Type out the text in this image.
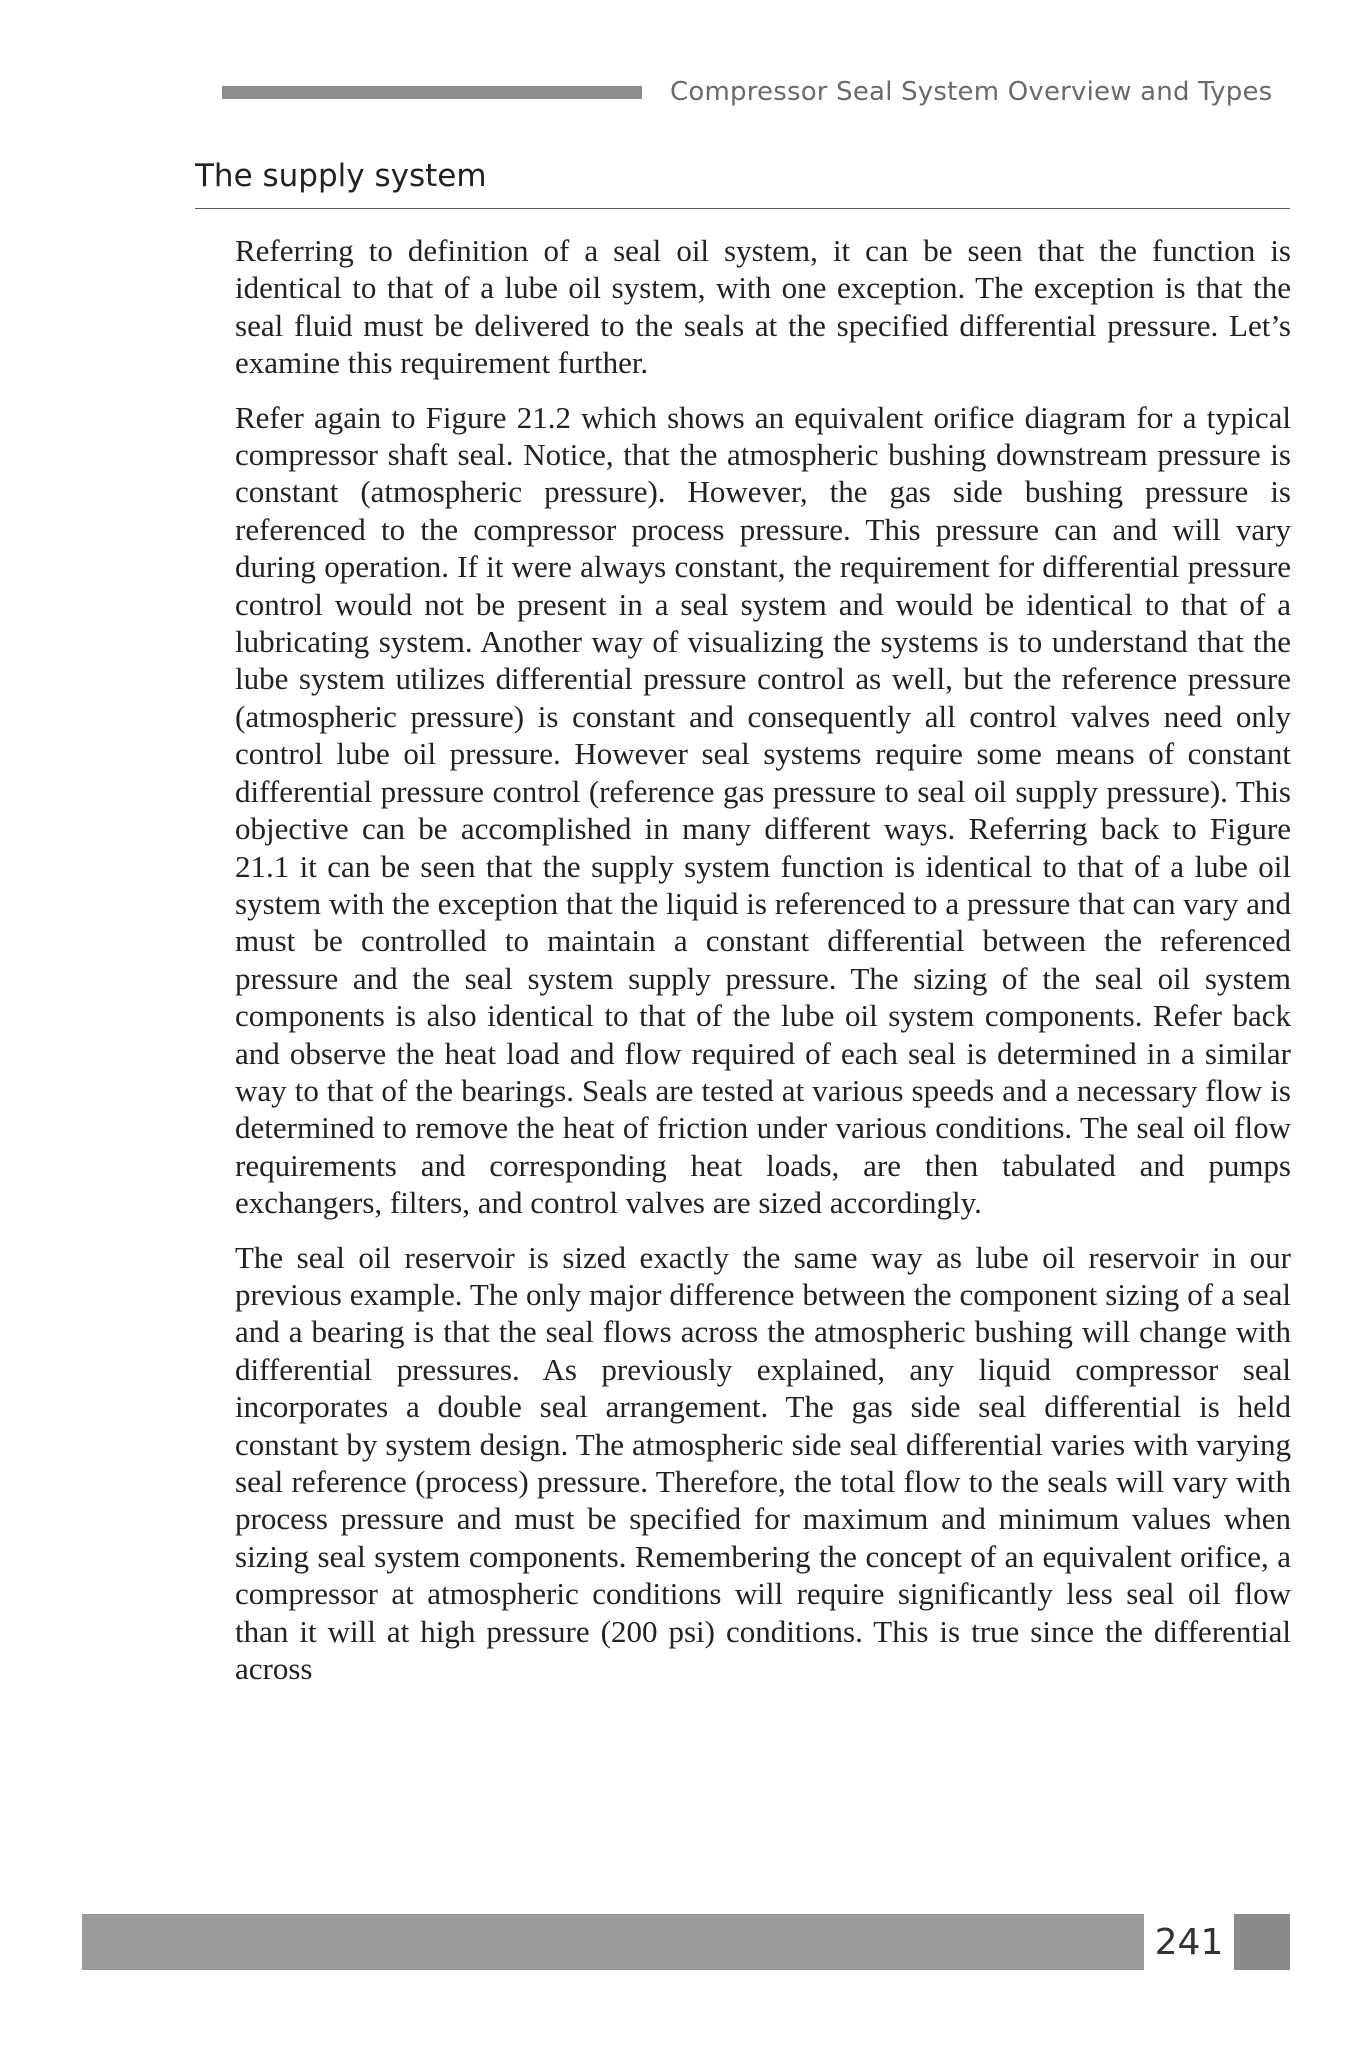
Compressor Seal System Overview and Types
The supply system

Referring to definition of a seal oil system, it can be seen that the function is identical to that of a lube oil system, with one exception. The exception is that the seal fluid must be delivered to the seals at the specified differential pressure. Let’s examine this requirement further.

Refer again to Figure 21.2 which shows an equivalent orifice diagram for a typical compressor shaft seal. Notice, that the atmospheric bushing downstream pressure is constant (atmospheric pressure). However, the gas side bushing pressure is referenced to the compressor process pressure. This pressure can and will vary during operation. If it were always constant, the requirement for differential pressure control would not be present in a seal system and would be identical to that of a lubricating system. Another way of visualizing the systems is to understand that the lube system utilizes differential pressure control as well, but the reference pressure (atmospheric pressure) is constant and consequently all control valves need only control lube oil pressure. However seal systems require some means of constant differential pressure control (reference gas pressure to seal oil supply pressure). This objective can be accomplished in many different ways. Referring back to Figure 21.1 it can be seen that the supply system function is identical to that of a lube oil system with the exception that the liquid is referenced to a pressure that can vary and must be controlled to maintain a constant differential between the referenced pressure and the seal system supply pressure. The sizing of the seal oil system components is also identical to that of the lube oil system components. Refer back and observe the heat load and flow required of each seal is determined in a similar way to that of the bearings. Seals are tested at various speeds and a necessary flow is determined to remove the heat of friction under various conditions. The seal oil flow requirements and corresponding heat loads, are then tabulated and pumps exchangers, filters, and control valves are sized accordingly.

The seal oil reservoir is sized exactly the same way as lube oil reservoir in our previous example. The only major difference between the component sizing of a seal and a bearing is that the seal flows across the atmospheric bushing will change with differential pressures. As previously explained, any liquid compressor seal incorporates a double seal arrangement. The gas side seal differential is held constant by system design. The atmospheric side seal differential varies with varying seal reference (process) pressure. Therefore, the total flow to the seals will vary with process pressure and must be specified for maximum and minimum values when sizing seal system components. Remembering the concept of an equivalent orifice, a compressor at atmospheric conditions will require significantly less seal oil flow than it will at high pressure (200 psi) conditions. This is true since the differential across

241
